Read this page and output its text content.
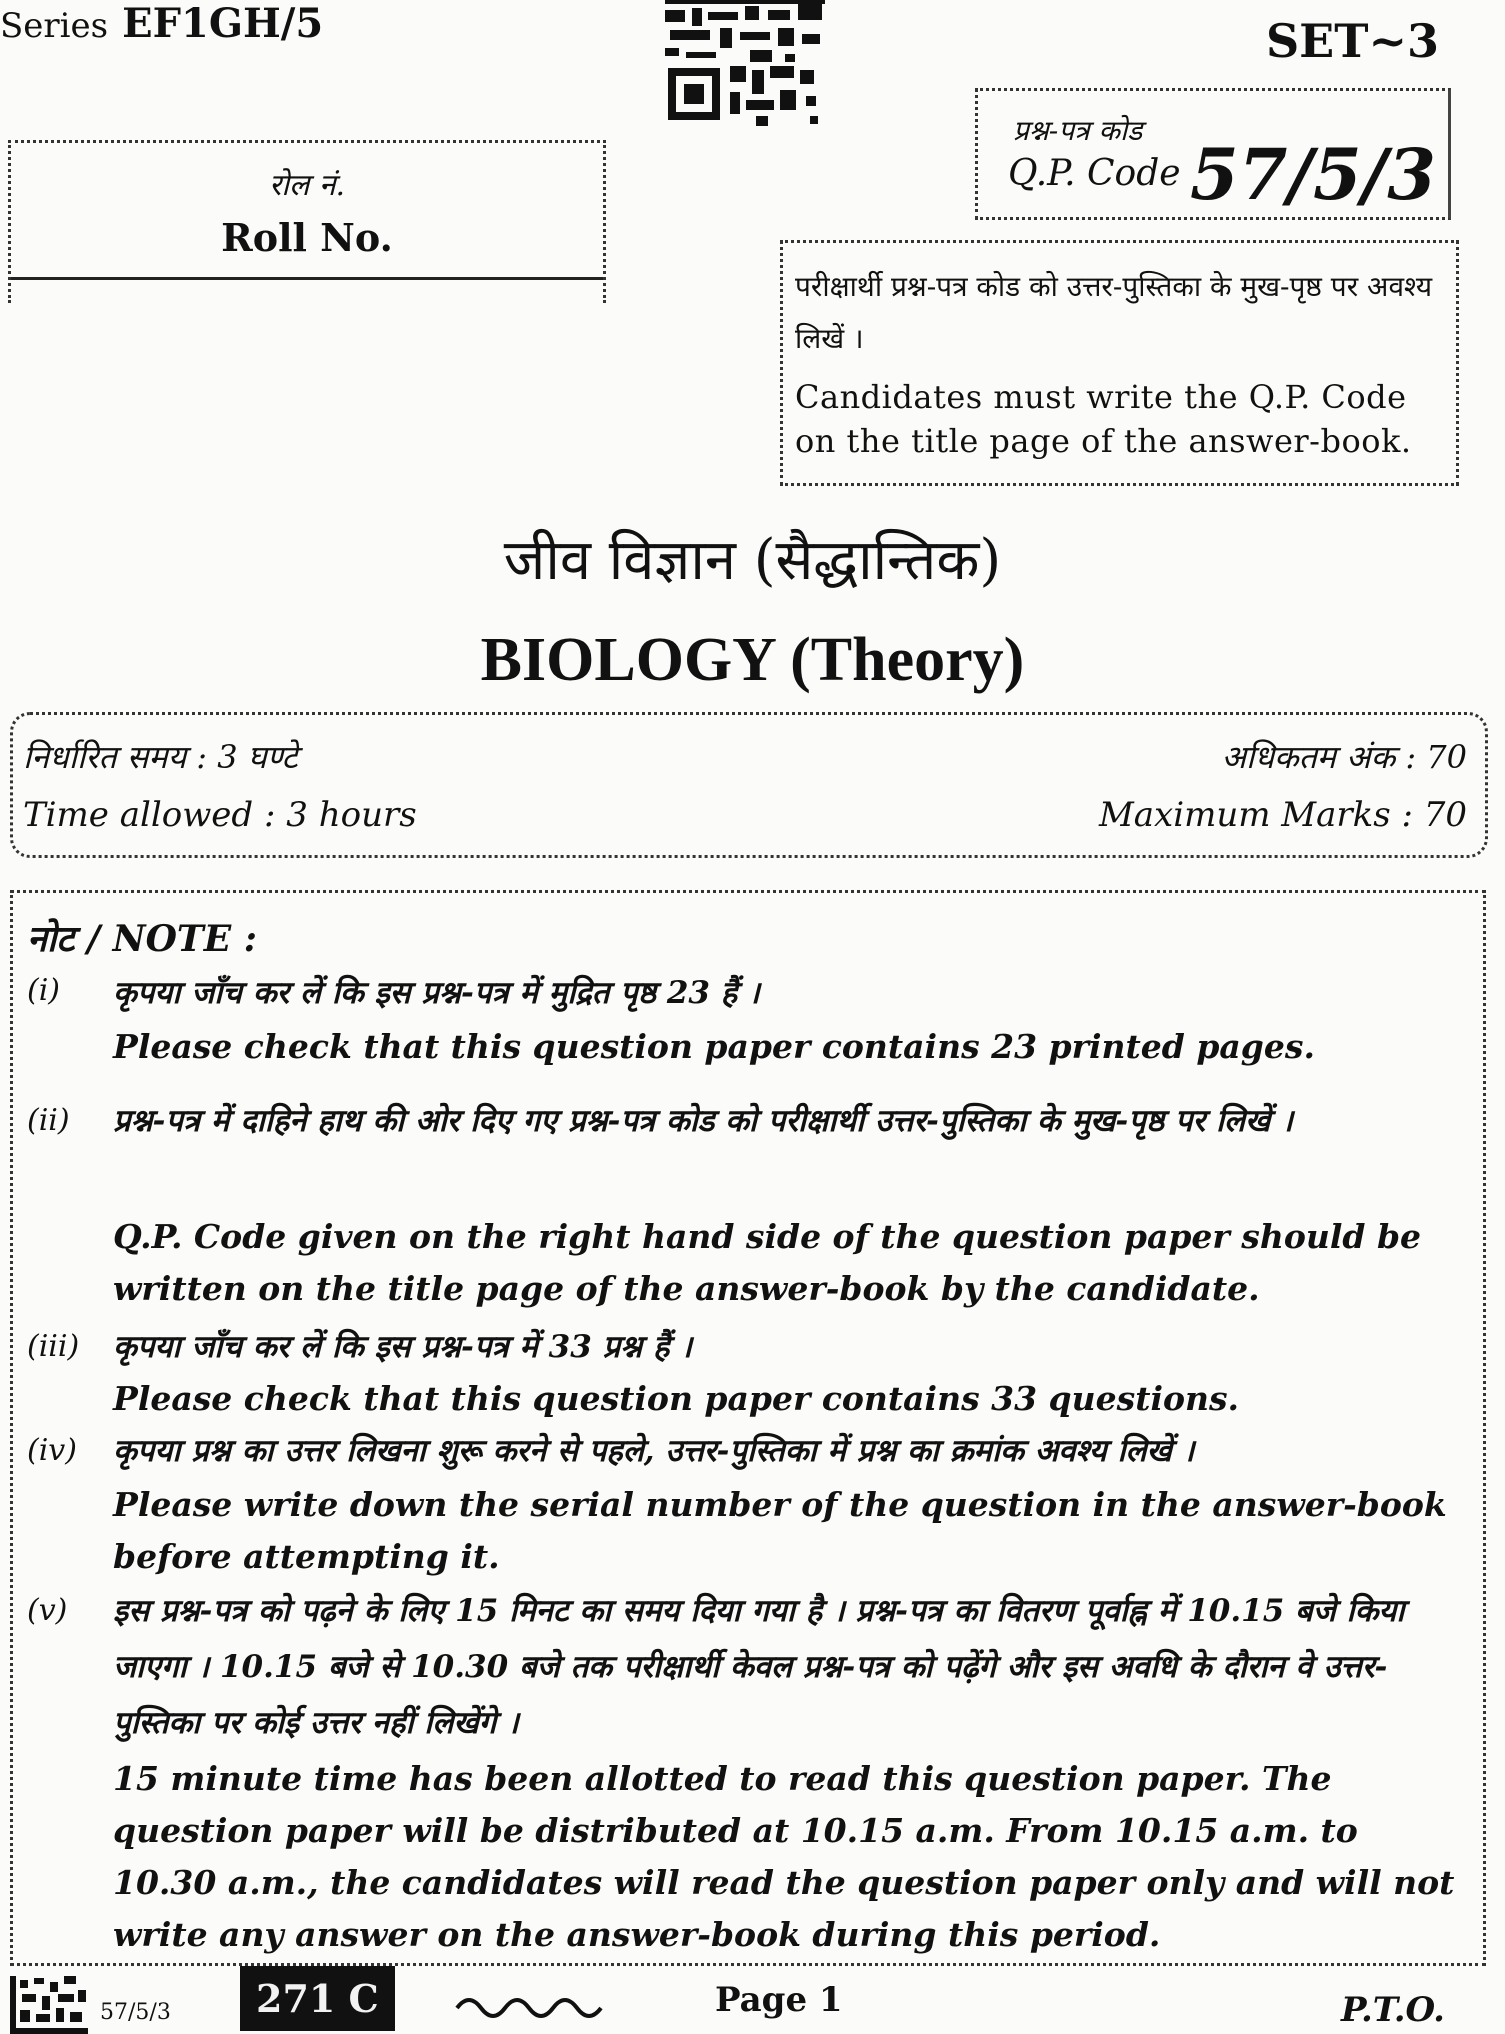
Series EF1GH/5	SET~3
रोल नं.
Roll No.
प्रश्न-पत्र कोड
Q.P. Code 57/5/3
परीक्षार्थी प्रश्न-पत्र कोड को उत्तर-पुस्तिका के मुख-पृष्ठ पर अवश्य लिखें ।
Candidates must write the Q.P. Code on the title page of the answer-book.
जीव विज्ञान (सैद्धान्तिक)
BIOLOGY (Theory)
निर्धारित समय : 3 घण्टे
Time allowed : 3 hours
अधिकतम अंक : 70
Maximum Marks : 70
नोट / NOTE :
(i) कृपया जाँच कर लें कि इस प्रश्न-पत्र में मुद्रित पृष्ठ 23 हैं ।
Please check that this question paper contains 23 printed pages.
(ii) प्रश्न-पत्र में दाहिने हाथ की ओर दिए गए प्रश्न-पत्र कोड को परीक्षार्थी उत्तर-पुस्तिका के मुख-पृष्ठ पर लिखें ।
Q.P. Code given on the right hand side of the question paper should be written on the title page of the answer-book by the candidate.
(iii) कृपया जाँच कर लें कि इस प्रश्न-पत्र में 33 प्रश्न हैं ।
Please check that this question paper contains 33 questions.
(iv) कृपया प्रश्न का उत्तर लिखना शुरू करने से पहले, उत्तर-पुस्तिका में प्रश्न का क्रमांक अवश्य लिखें ।
Please write down the serial number of the question in the answer-book before attempting it.
(v) इस प्रश्न-पत्र को पढ़ने के लिए 15 मिनट का समय दिया गया है । प्रश्न-पत्र का वितरण पूर्वाह्न में 10.15 बजे किया जाएगा । 10.15 बजे से 10.30 बजे तक परीक्षार्थी केवल प्रश्न-पत्र को पढ़ेंगे और इस अवधि के दौरान वे उत्तर-पुस्तिका पर कोई उत्तर नहीं लिखेंगे ।
15 minute time has been allotted to read this question paper. The question paper will be distributed at 10.15 a.m. From 10.15 a.m. to 10.30 a.m., the candidates will read the question paper only and will not write any answer on the answer-book during this period.
57/5/3	271 C	Page 1	P.T.O.
